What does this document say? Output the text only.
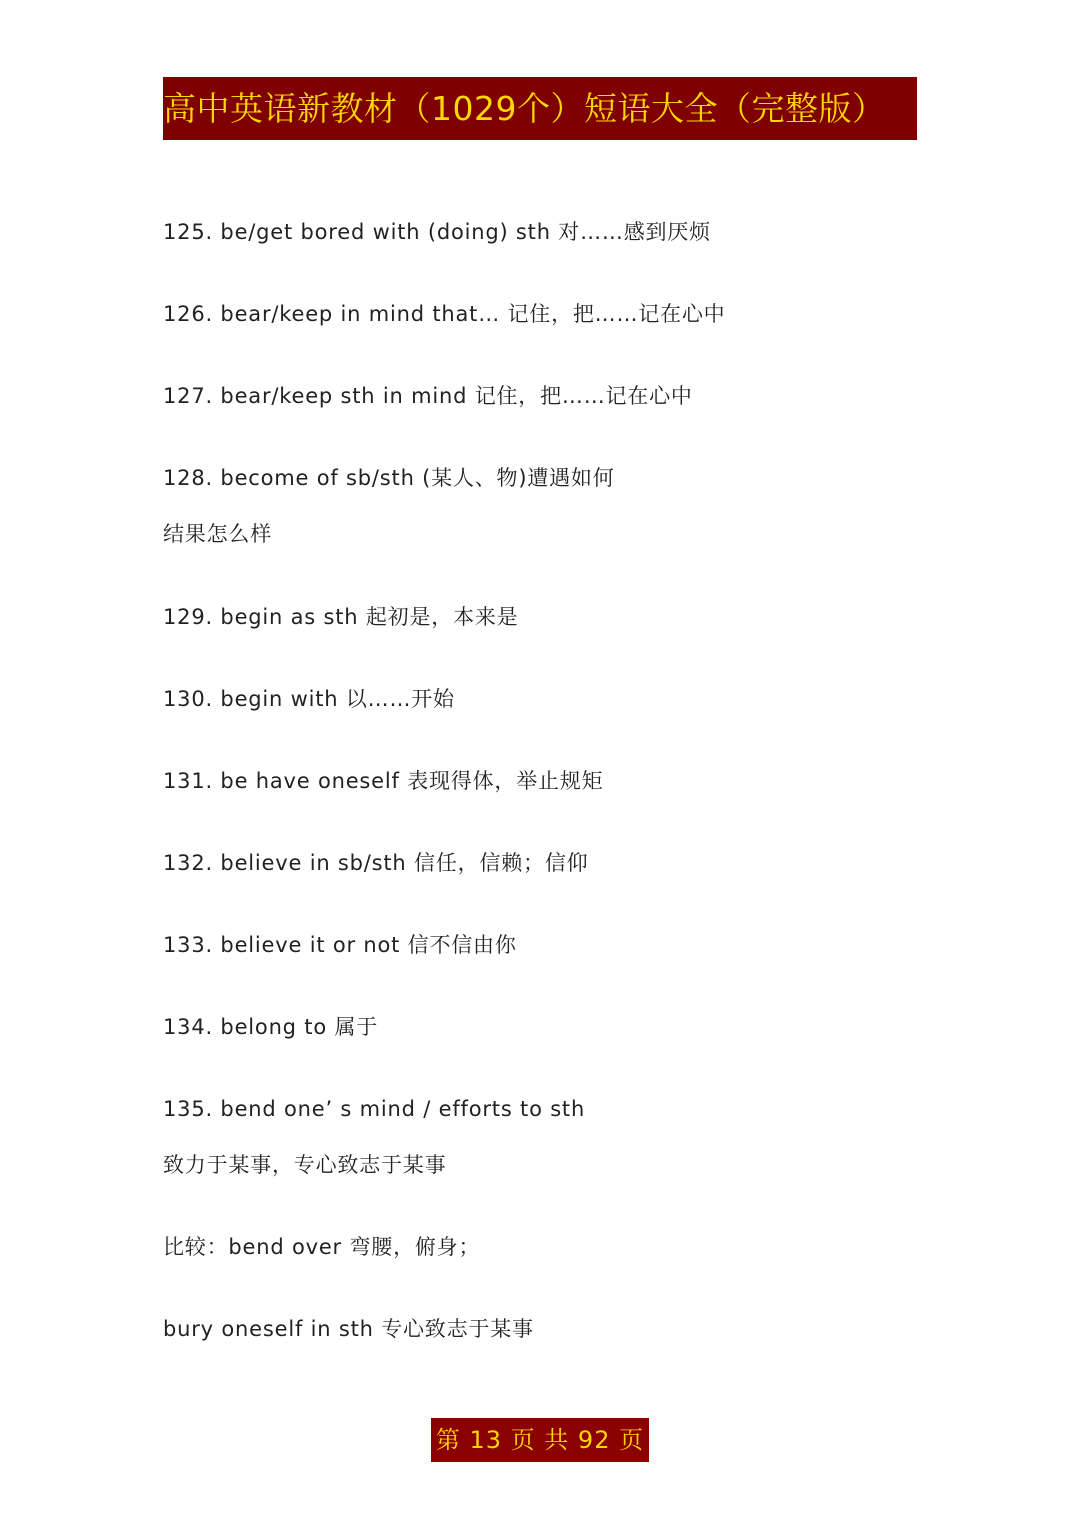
高中英语新教材（1029个）短语大全（完整版）
125. be/get bored with (doing) sth 对……感到厌烦
126. bear/keep in mind that… 记住，把……记在心中
127. bear/keep sth in mind 记住，把……记在心中
128. become of sb/sth (某人、物)遭遇如何
结果怎么样
129. begin as sth 起初是，本来是
130. begin with 以……开始
131. be have oneself 表现得体，举止规矩
132. believe in sb/sth 信任，信赖；信仰
133. believe it or not 信不信由你
134. belong to 属于
135. bend one’ s mind / efforts to sth
致力于某事，专心致志于某事
比较：bend over 弯腰，俯身；
bury oneself in sth 专心致志于某事
第 13 页 共 92 页
